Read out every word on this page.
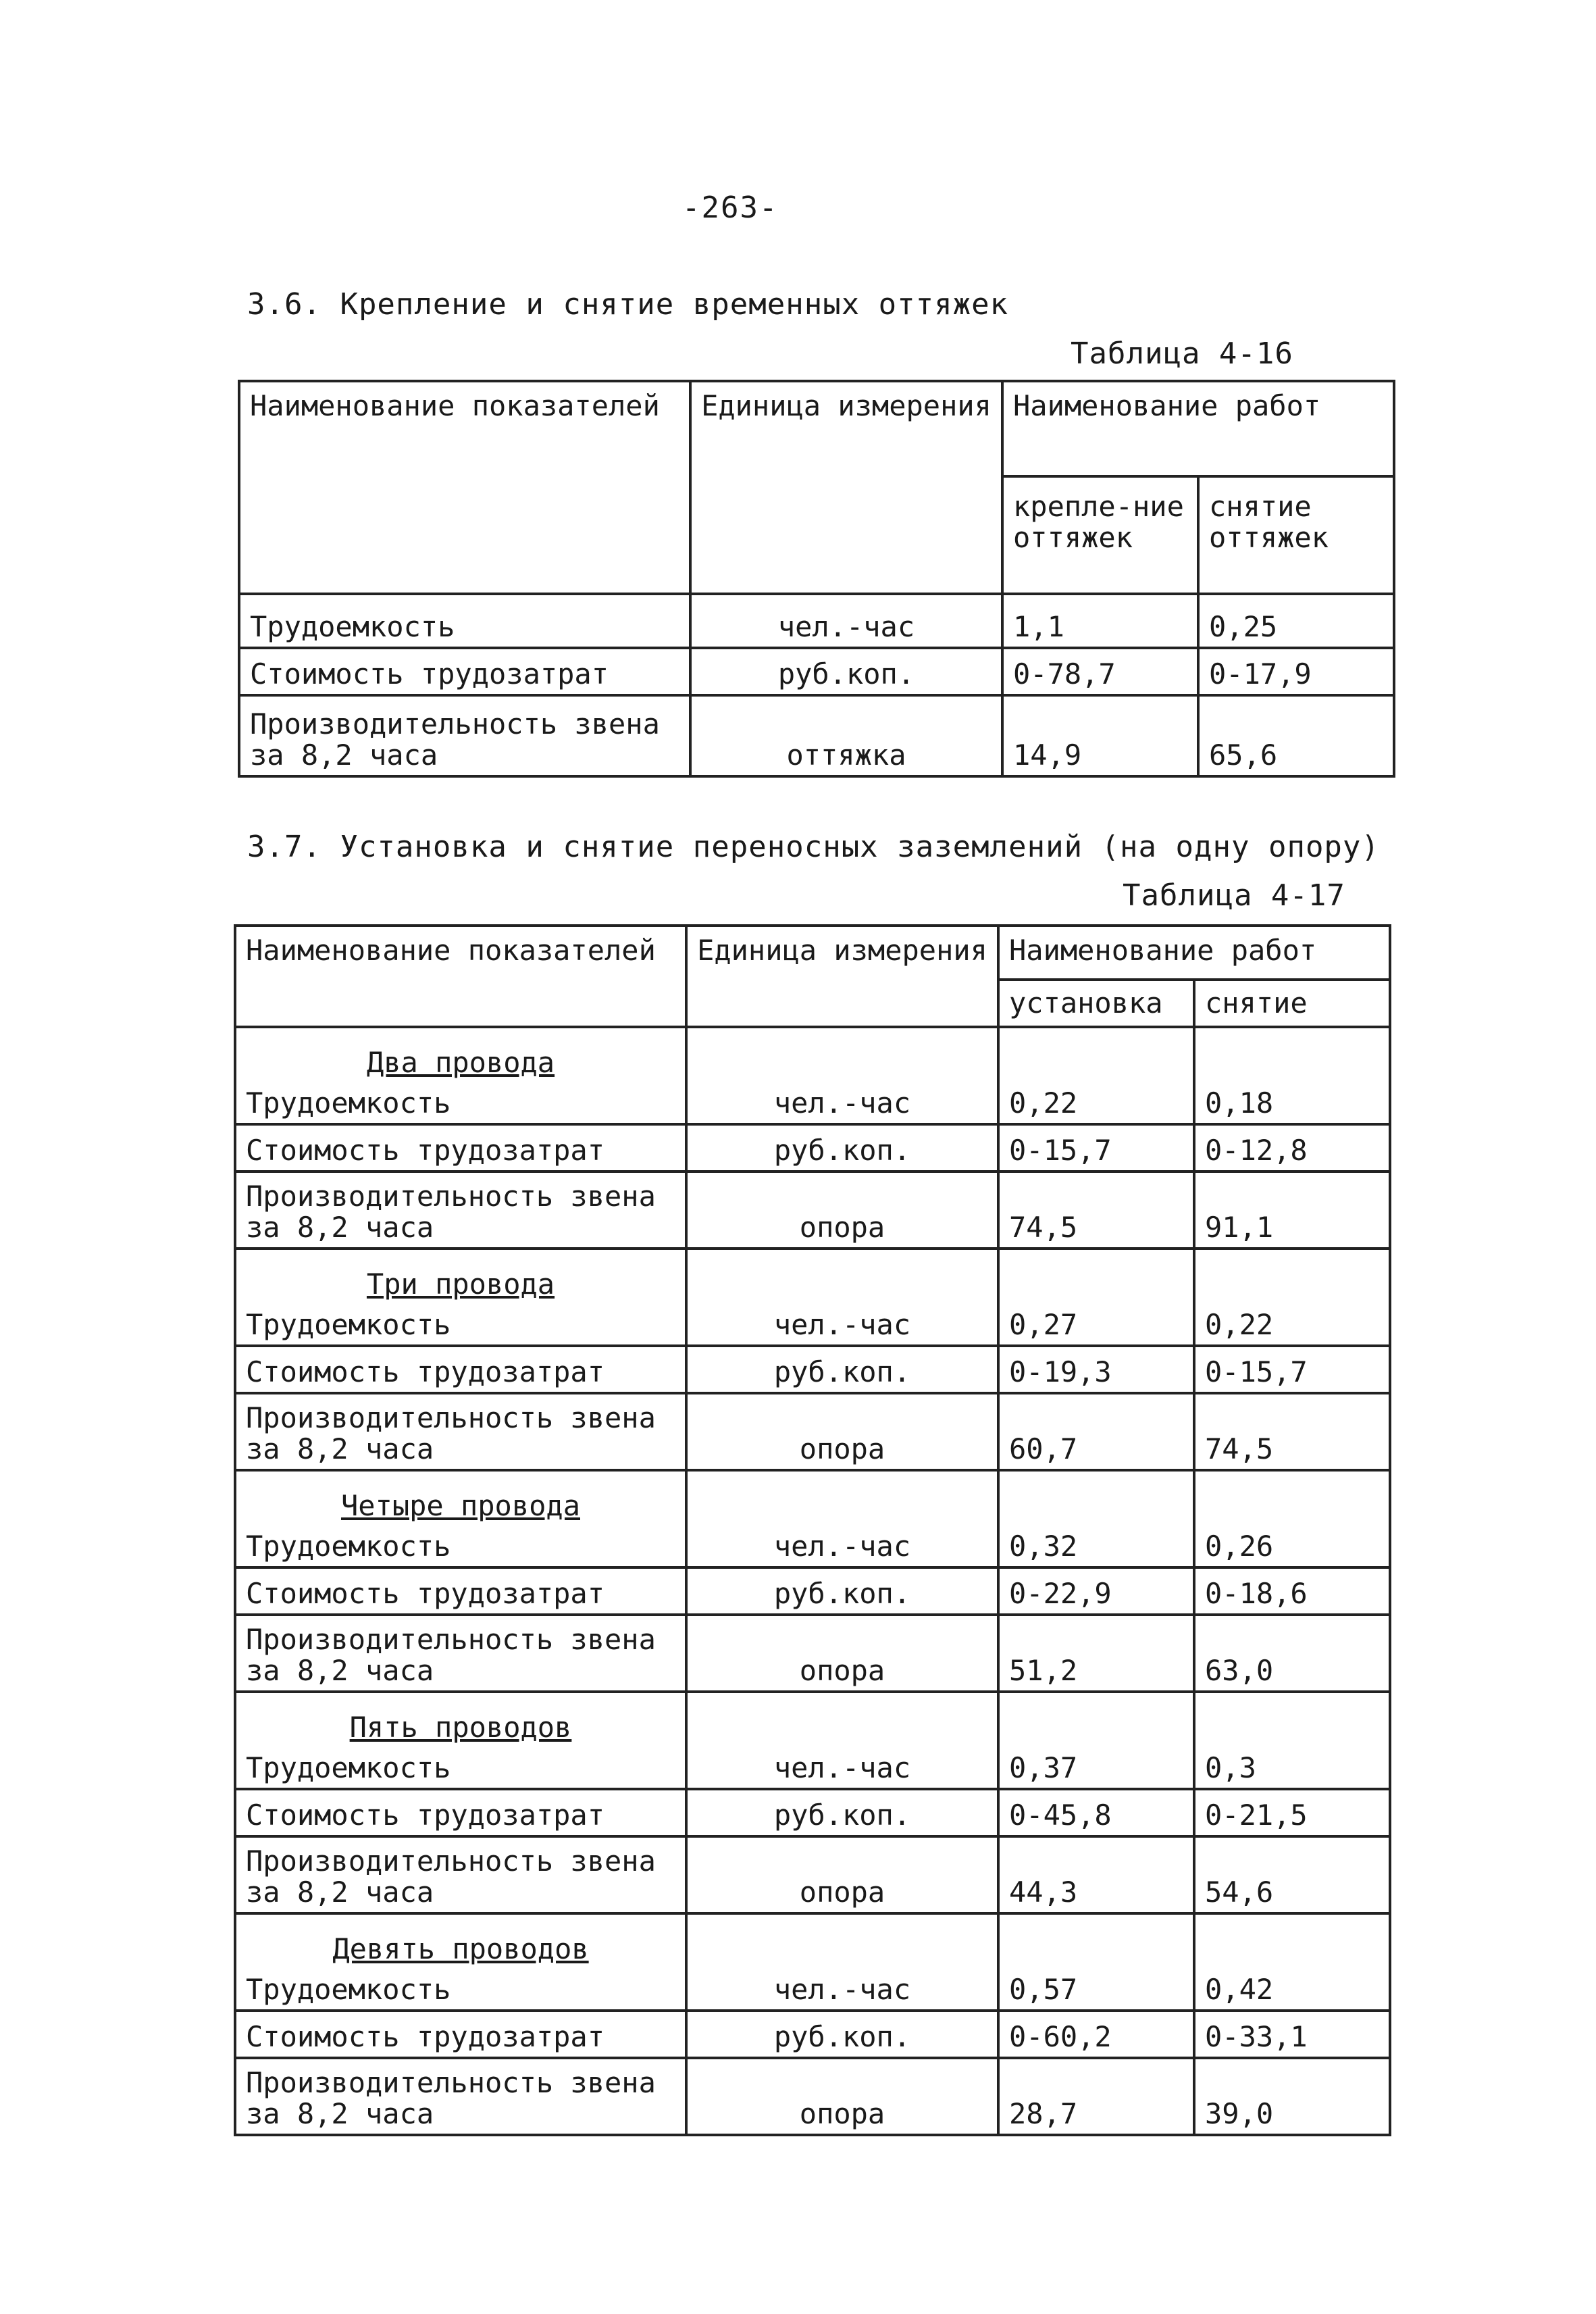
-263-
3.6. Крепление и снятие временных оттяжек
Таблица 4-16
Наименование показателей	Единица измерения	Наименование работ	
		крепле-ние оттяжек	снятие оттяжек
Трудоемкость	чел.-час	1,1	0,25
Стоимость трудозатрат	руб.коп.	0-78,7	0-17,9
Производительность звена за 8,2 часа	оттяжка	14,9	65,6
3.7. Установка и снятие переносных заземлений (на одну опору)
Таблица 4-17
Наименование показателей	Единица измерения	Наименование работ	
		установка	снятие
Два провода			
Трудоемкость	чел.-час	0,22	0,18
Стоимость трудозатрат	руб.коп.	0-15,7	0-12,8
Производительность звена за 8,2 часа	опора	74,5	91,1
Три провода			
Трудоемкость	чел.-час	0,27	0,22
Стоимость трудозатрат	руб.коп.	0-19,3	0-15,7
Производительность звена за 8,2 часа	опора	60,7	74,5
Четыре провода			
Трудоемкость	чел.-час	0,32	0,26
Стоимость трудозатрат	руб.коп.	0-22,9	0-18,6
Производительность звена за 8,2 часа	опора	51,2	63,0
Пять проводов			
Трудоемкость	чел.-час	0,37	0,3
Стоимость трудозатрат	руб.коп.	0-45,8	0-21,5
Производительность звена за 8,2 часа	опора	44,3	54,6
Девять проводов			
Трудоемкость	чел.-час	0,57	0,42
Стоимость трудозатрат	руб.коп.	0-60,2	0-33,1
Производительность звена за 8,2 часа	опора	28,7	39,0
